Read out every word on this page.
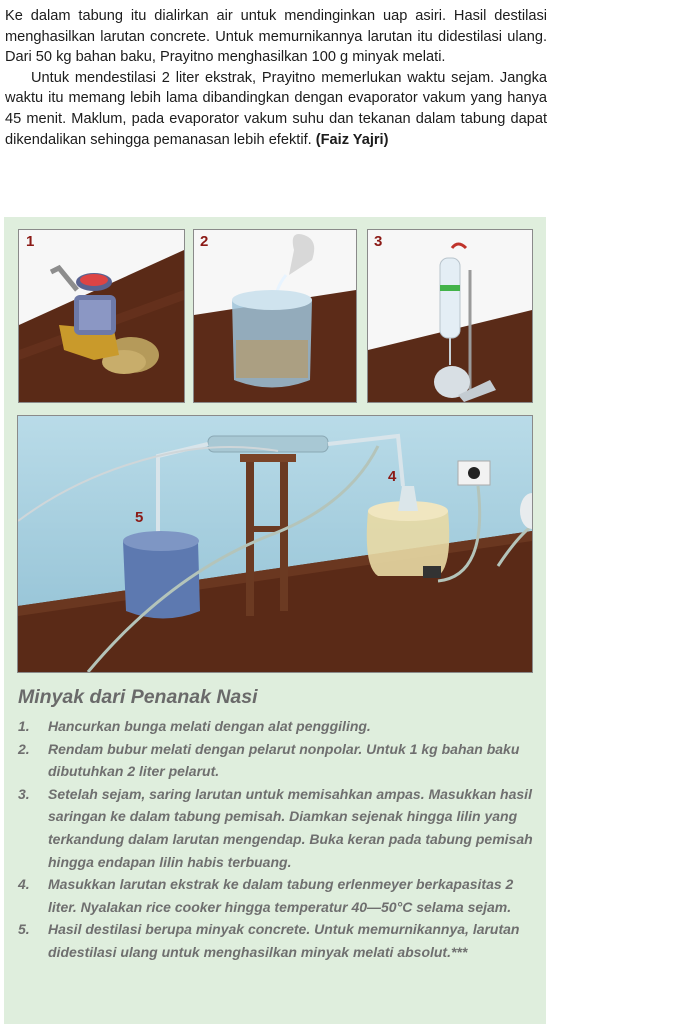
Ke dalam tabung itu dialirkan air untuk mendinginkan uap asiri. Hasil destilasi menghasilkan larutan concrete. Untuk memurnikannya larutan itu didestilasi ulang. Dari 50 kg bahan baku, Prayitno menghasilkan 100 g minyak melati.

Untuk mendestilasi 2 liter ekstrak, Prayitno memerlukan waktu sejam. Jangka waktu itu memang lebih lama dibandingkan dengan evaporator vakum yang hanya 45 menit. Maklum, pada evaporator vakum suhu dan tekanan dalam tabung dapat dikendalikan sehingga pemanasan lebih efektif. (Faiz Yajri)

1	2	3
4
5
Minyak dari Penanak Nasi
1. Hancurkan bunga melati dengan alat penggiling.
2. Rendam bubur melati dengan pelarut nonpolar. Untuk 1 kg bahan baku dibutuhkan 2 liter pelarut.
3. Setelah sejam, saring larutan untuk memisahkan ampas. Masukkan hasil saringan ke dalam tabung pemisah. Diamkan sejenak hingga lilin yang terkandung dalam larutan mengendap. Buka keran pada tabung pemisah hingga endapan lilin habis terbuang.
4. Masukkan larutan ekstrak ke dalam tabung erlenmeyer berkapasitas 2 liter. Nyalakan rice cooker hingga temperatur 40—50°C selama sejam.
5. Hasil destilasi berupa minyak concrete. Untuk memurnikannya, larutan didestilasi ulang untuk menghasilkan minyak melati absolut.***
